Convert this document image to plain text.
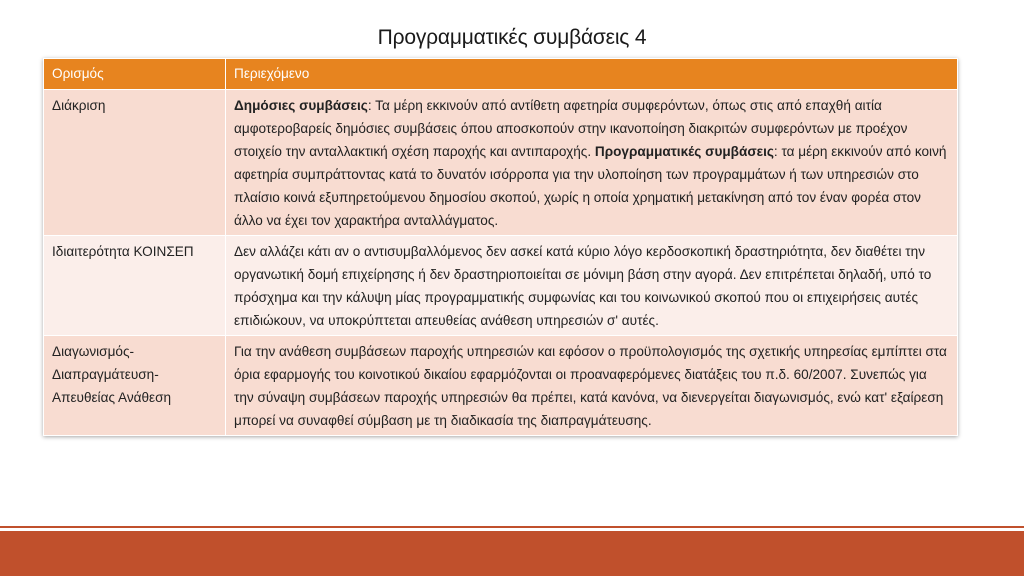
Προγραμματικές συμβάσεις 4
Ορισμός	Περιεχόμενο
Διάκριση	Δημόσιες συμβάσεις: Τα μέρη εκκινούν από αντίθετη αφετηρία συμφερόντων, όπως στις από επαχθή αιτία αμφοτεροβαρείς δημόσιες συμβάσεις όπου αποσκοπούν στην ικανοποίηση διακριτών συμφερόντων με προέχον στοιχείο την ανταλλακτική σχέση παροχής και αντιπαροχής. Προγραμματικές συμβάσεις: τα μέρη εκκινούν από κοινή αφετηρία συμπράττοντας κατά το δυνατόν ισόρροπα για την υλοποίηση των προγραμμάτων ή των υπηρεσιών στο πλαίσιο κοινά εξυπηρετούμενου δημοσίου σκοπού, χωρίς η οποία χρηματική μετακίνηση από τον έναν φορέα στον άλλο να έχει τον χαρακτήρα ανταλλάγματος.
Ιδιαιτερότητα ΚΟΙΝΣΕΠ	Δεν αλλάζει κάτι αν ο αντισυμβαλλόμενος δεν ασκεί κατά κύριο λόγο κερδοσκοπική δραστηριότητα, δεν διαθέτει την οργανωτική δομή επιχείρησης ή δεν δραστηριοποιείται σε μόνιμη βάση στην αγορά. Δεν επιτρέπεται δηλαδή, υπό το πρόσχημα και την κάλυψη μίας προγραμματικής συμφωνίας και του κοινωνικού σκοπού που οι επιχειρήσεις αυτές επιδιώκουν, να υποκρύπτεται απευθείας ανάθεση υπηρεσιών σ' αυτές.
Διαγωνισμός-Διαπραγμάτευση-Απευθείας Ανάθεση	Για την ανάθεση συμβάσεων παροχής υπηρεσιών και εφόσον ο προϋπολογισμός της σχετικής υπηρεσίας εμπίπτει στα όρια εφαρμογής του κοινοτικού δικαίου εφαρμόζονται οι προαναφερόμενες διατάξεις του π.δ. 60/2007. Συνεπώς για την σύναψη συμβάσεων παροχής υπηρεσιών θα πρέπει, κατά κανόνα, να διενεργείται διαγωνισμός, ενώ κατ' εξαίρεση μπορεί να συναφθεί σύμβαση με τη διαδικασία της διαπραγμάτευσης.
